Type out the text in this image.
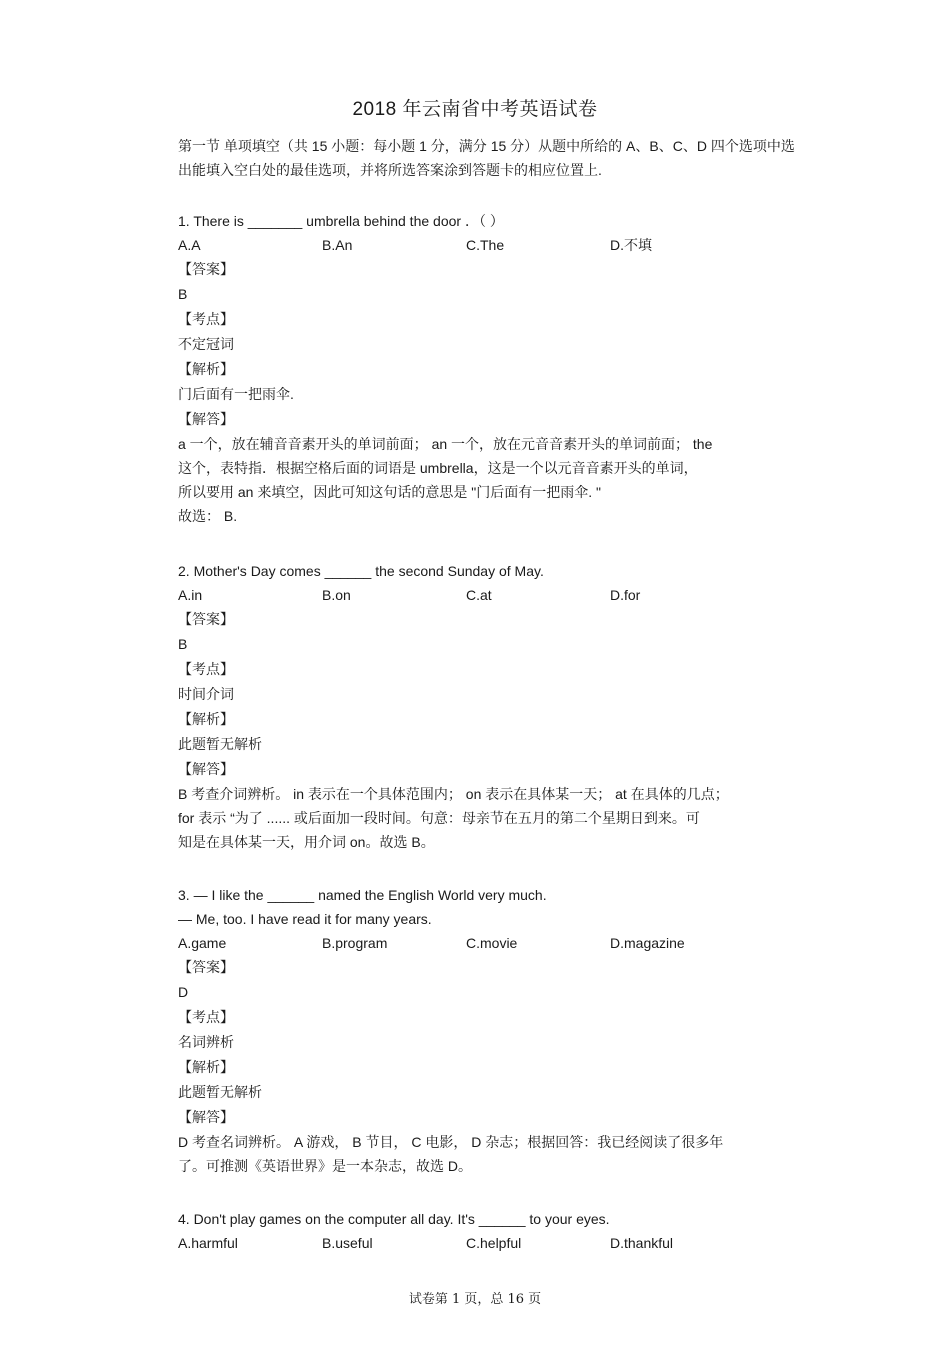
2018 年云南省中考英语试卷
第一节 单项填空（共 15 小题：每小题 1 分，满分 15 分）从题中所给的 A、B、C、D 四个选项中选出能填入空白处的最佳选项，并将所选答案涂到答题卡的相应位置上.

1. There is _______ umbrella behind the door ．（ ）

A.A	B.An	C.The	D.不填

【答案】

B

【考点】

不定冠词

【解析】

门后面有一把雨伞.

【解答】

a 一个，放在辅音音素开头的单词前面； an 一个，放在元音音素开头的单词前面； the

这个，表特指．根据空格后面的词语是 umbrella，这是一个以元音音素开头的单词，

所以要用 an 来填空，因此可知这句话的意思是 "门后面有一把雨伞. "

故选： B.

2. Mother's Day comes ______ the second Sunday of May.

A.in	B.on	C.at	D.for

【答案】

B

【考点】

时间介词

【解析】

此题暂无解析

【解答】

B 考查介词辨析。 in 表示在一个具体范围内； on 表示在具体某一天； at 在具体的几点；

for 表示 “为了 ...... 或后面加一段时间。句意：母亲节在五月的第二个星期日到来。可

知是在具体某一天，用介词 on。故选 B。

3. — I like the ______ named the English World very much.

— Me, too. I have read it for many years.

A.game	B.program	C.movie	D.magazine

【答案】

D

【考点】

名词辨析

【解析】

此题暂无解析

【解答】

D 考查名词辨析。 A 游戏， B 节目， C 电影， D 杂志；根据回答：我已经阅读了很多年

了。可推测《英语世界》是一本杂志，故选 D。

4. Don't play games on the computer all day. It's ______ to your eyes.

A.harmful	B.useful	C.helpful	D.thankful
试卷第 1 页，总 16 页
